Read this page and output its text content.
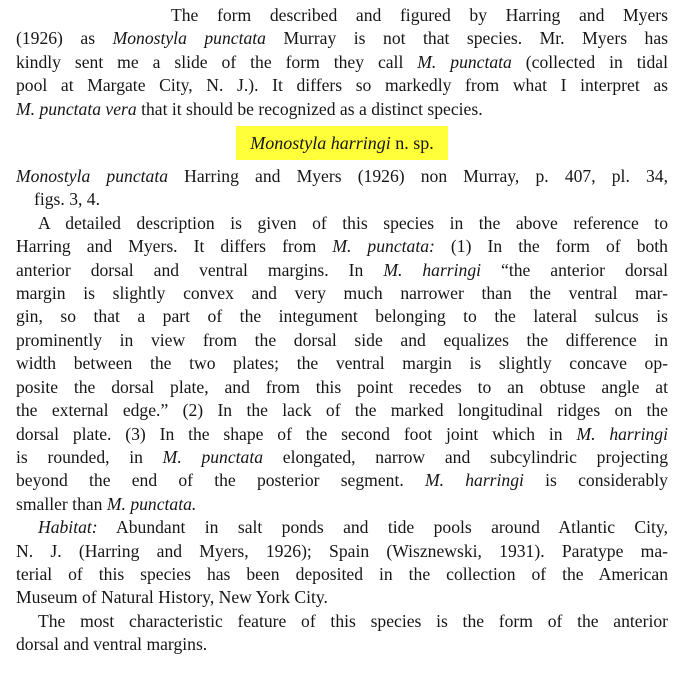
The form described and figured by Harring and Myers
(1926) as Monostyla punctata Murray is not that species. Mr. Myers has
kindly sent me a slide of the form they call M. punctata (collected in tidal
pool at Margate City, N. J.). It differs so markedly from what I interpret as
M. punctata vera that it should be recognized as a distinct species.
Monostyla harringi n. sp.
Monostyla punctata Harring and Myers (1926) non Murray, p. 407, pl. 34,
figs. 3, 4.
A detailed description is given of this species in the above reference to
Harring and Myers. It differs from M. punctata: (1) In the form of both
anterior dorsal and ventral margins. In M. harringi “the anterior dorsal
margin is slightly convex and very much narrower than the ventral mar-
gin, so that a part of the integument belonging to the lateral sulcus is
prominently in view from the dorsal side and equalizes the difference in
width between the two plates; the ventral margin is slightly concave op-
posite the dorsal plate, and from this point recedes to an obtuse angle at
the external edge.” (2) In the lack of the marked longitudinal ridges on the
dorsal plate. (3) In the shape of the second foot joint which in M. harringi
is rounded, in M. punctata elongated, narrow and subcylindric projecting
beyond the end of the posterior segment. M. harringi is considerably
smaller than M. punctata.
Habitat: Abundant in salt ponds and tide pools around Atlantic City,
N. J. (Harring and Myers, 1926); Spain (Wisznewski, 1931). Paratype ma-
terial of this species has been deposited in the collection of the American
Museum of Natural History, New York City.
The most characteristic feature of this species is the form of the anterior
dorsal and ventral margins.
